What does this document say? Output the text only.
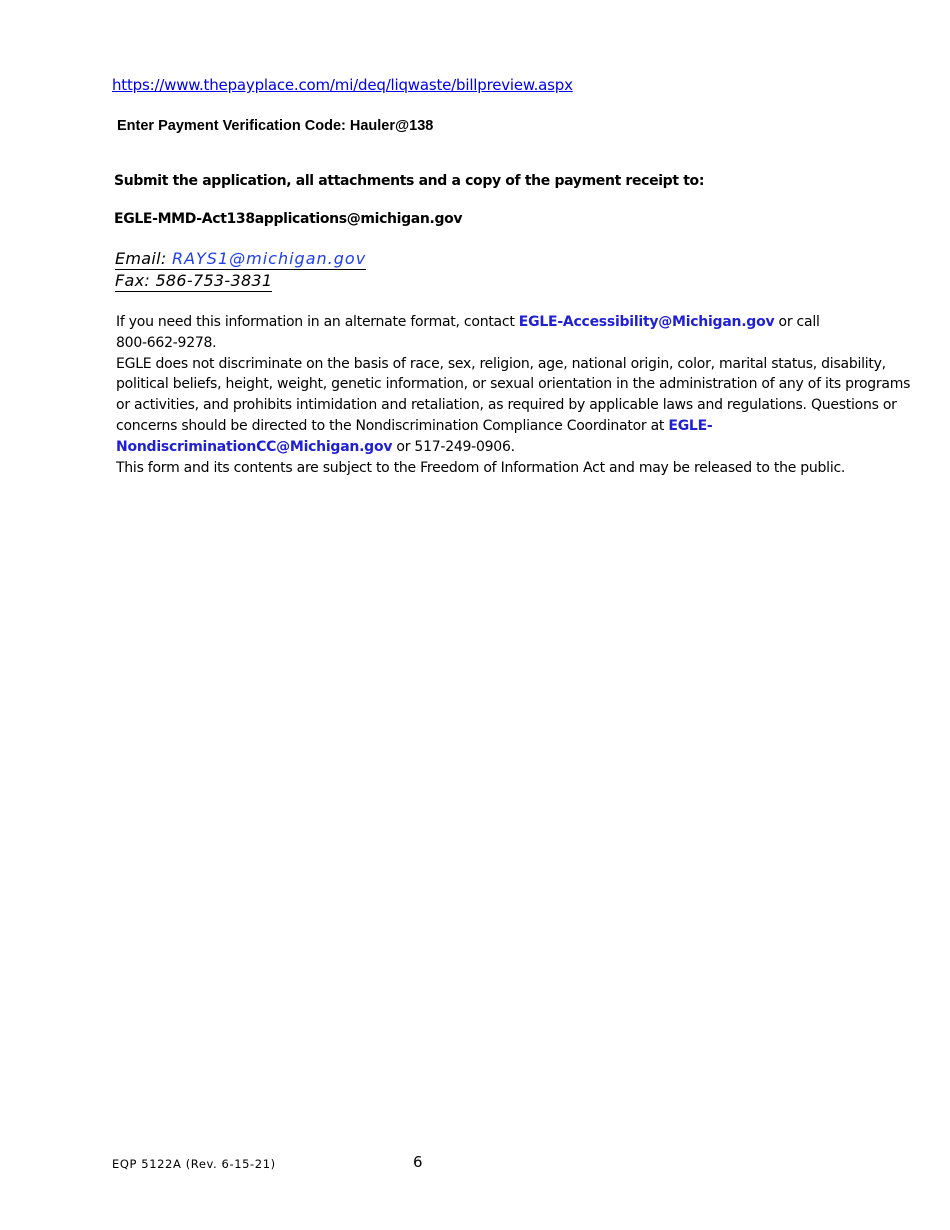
https://www.thepayplace.com/mi/deq/liqwaste/billpreview.aspx
Enter Payment Verification Code: Hauler@138
Submit the application, all attachments and a copy of the payment receipt to:
EGLE-MMD-Act138applications@michigan.gov
Email: RAYS1@michigan.gov
Fax: 586-753-3831

If you need this information in an alternate format, contact EGLE-Accessibility@Michigan.gov or call
800-662-9278.

EGLE does not discriminate on the basis of race, sex, religion, age, national origin, color, marital status, disability, political beliefs, height, weight, genetic information, or sexual orientation in the administration of any of its programs or activities, and prohibits intimidation and retaliation, as required by applicable laws and regulations. Questions or concerns should be directed to the Nondiscrimination Compliance Coordinator at EGLE-NondiscriminationCC@Michigan.gov or 517-249-0906.

This form and its contents are subject to the Freedom of Information Act and may be released to the public.

EQP 5122A (Rev. 6-15-21)	6
